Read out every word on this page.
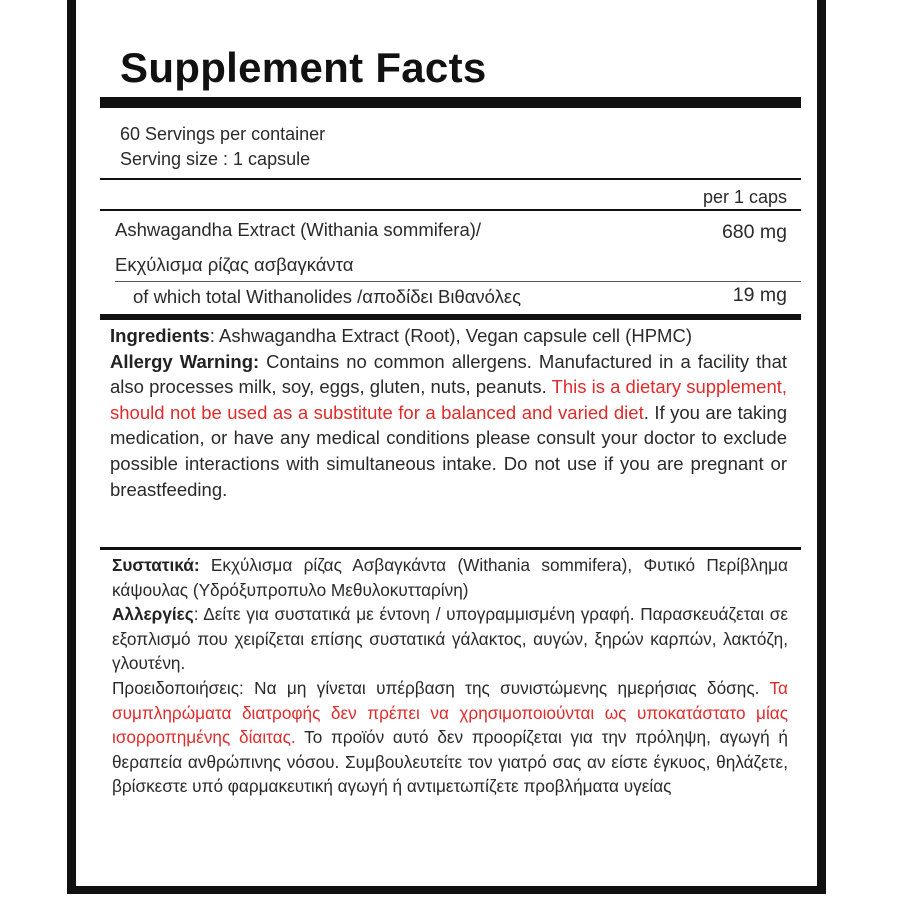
Supplement Facts
60 Servings per container
Serving size : 1 capsule
per 1 caps
Ashwagandha Extract (Withania sommifera)/
Εκχύλισμα ρίζας ασβαγκάντα
680 mg
of which total Withanolides /αποδίδει Βιθανόλες	19 mg
Ingredients: Ashwagandha Extract (Root), Vegan capsule cell (HPMC)
Allergy Warning: Contains no common allergens. Manufactured in a facility that also processes milk, soy, eggs, gluten, nuts, peanuts. This is a dietary supplement, should not be used as a substitute for a balanced and varied diet. If you are taking medication, or have any medical conditions please consult your doctor to exclude possible interactions with simultaneous intake. Do not use if you are pregnant or breastfeeding.
Συστατικά: Εκχύλισμα ρίζας Ασβαγκάντα (Withania sommifera), Φυτικό Περίβλημα κάψουλας (Υδρόξυπροπυλο Μεθυλοκυτταρίνη)
Αλλεργίες: Δείτε για συστατικά με έντονη / υπογραμμισμένη γραφή. Παρασκευάζεται σε εξοπλισμό που χειρίζεται επίσης συστατικά γάλακτος, αυγών, ξηρών καρπών, λακτόζη, γλουτένη.
Προειδοποιήσεις: Να μη γίνεται υπέρβαση της συνιστώμενης ημερήσιας δόσης. Τα συμπληρώματα διατροφής δεν πρέπει να χρησιμοποιούνται ως υποκατάστατο μίας ισορροπημένης δίαιτας. Το προϊόν αυτό δεν προορίζεται για την πρόληψη, αγωγή ή θεραπεία ανθρώπινης νόσου. Συμβουλευτείτε τον γιατρό σας αν είστε έγκυος, θηλάζετε, βρίσκεστε υπό φαρμακευτική αγωγή ή αντιμετωπίζετε προβλήματα υγείας
